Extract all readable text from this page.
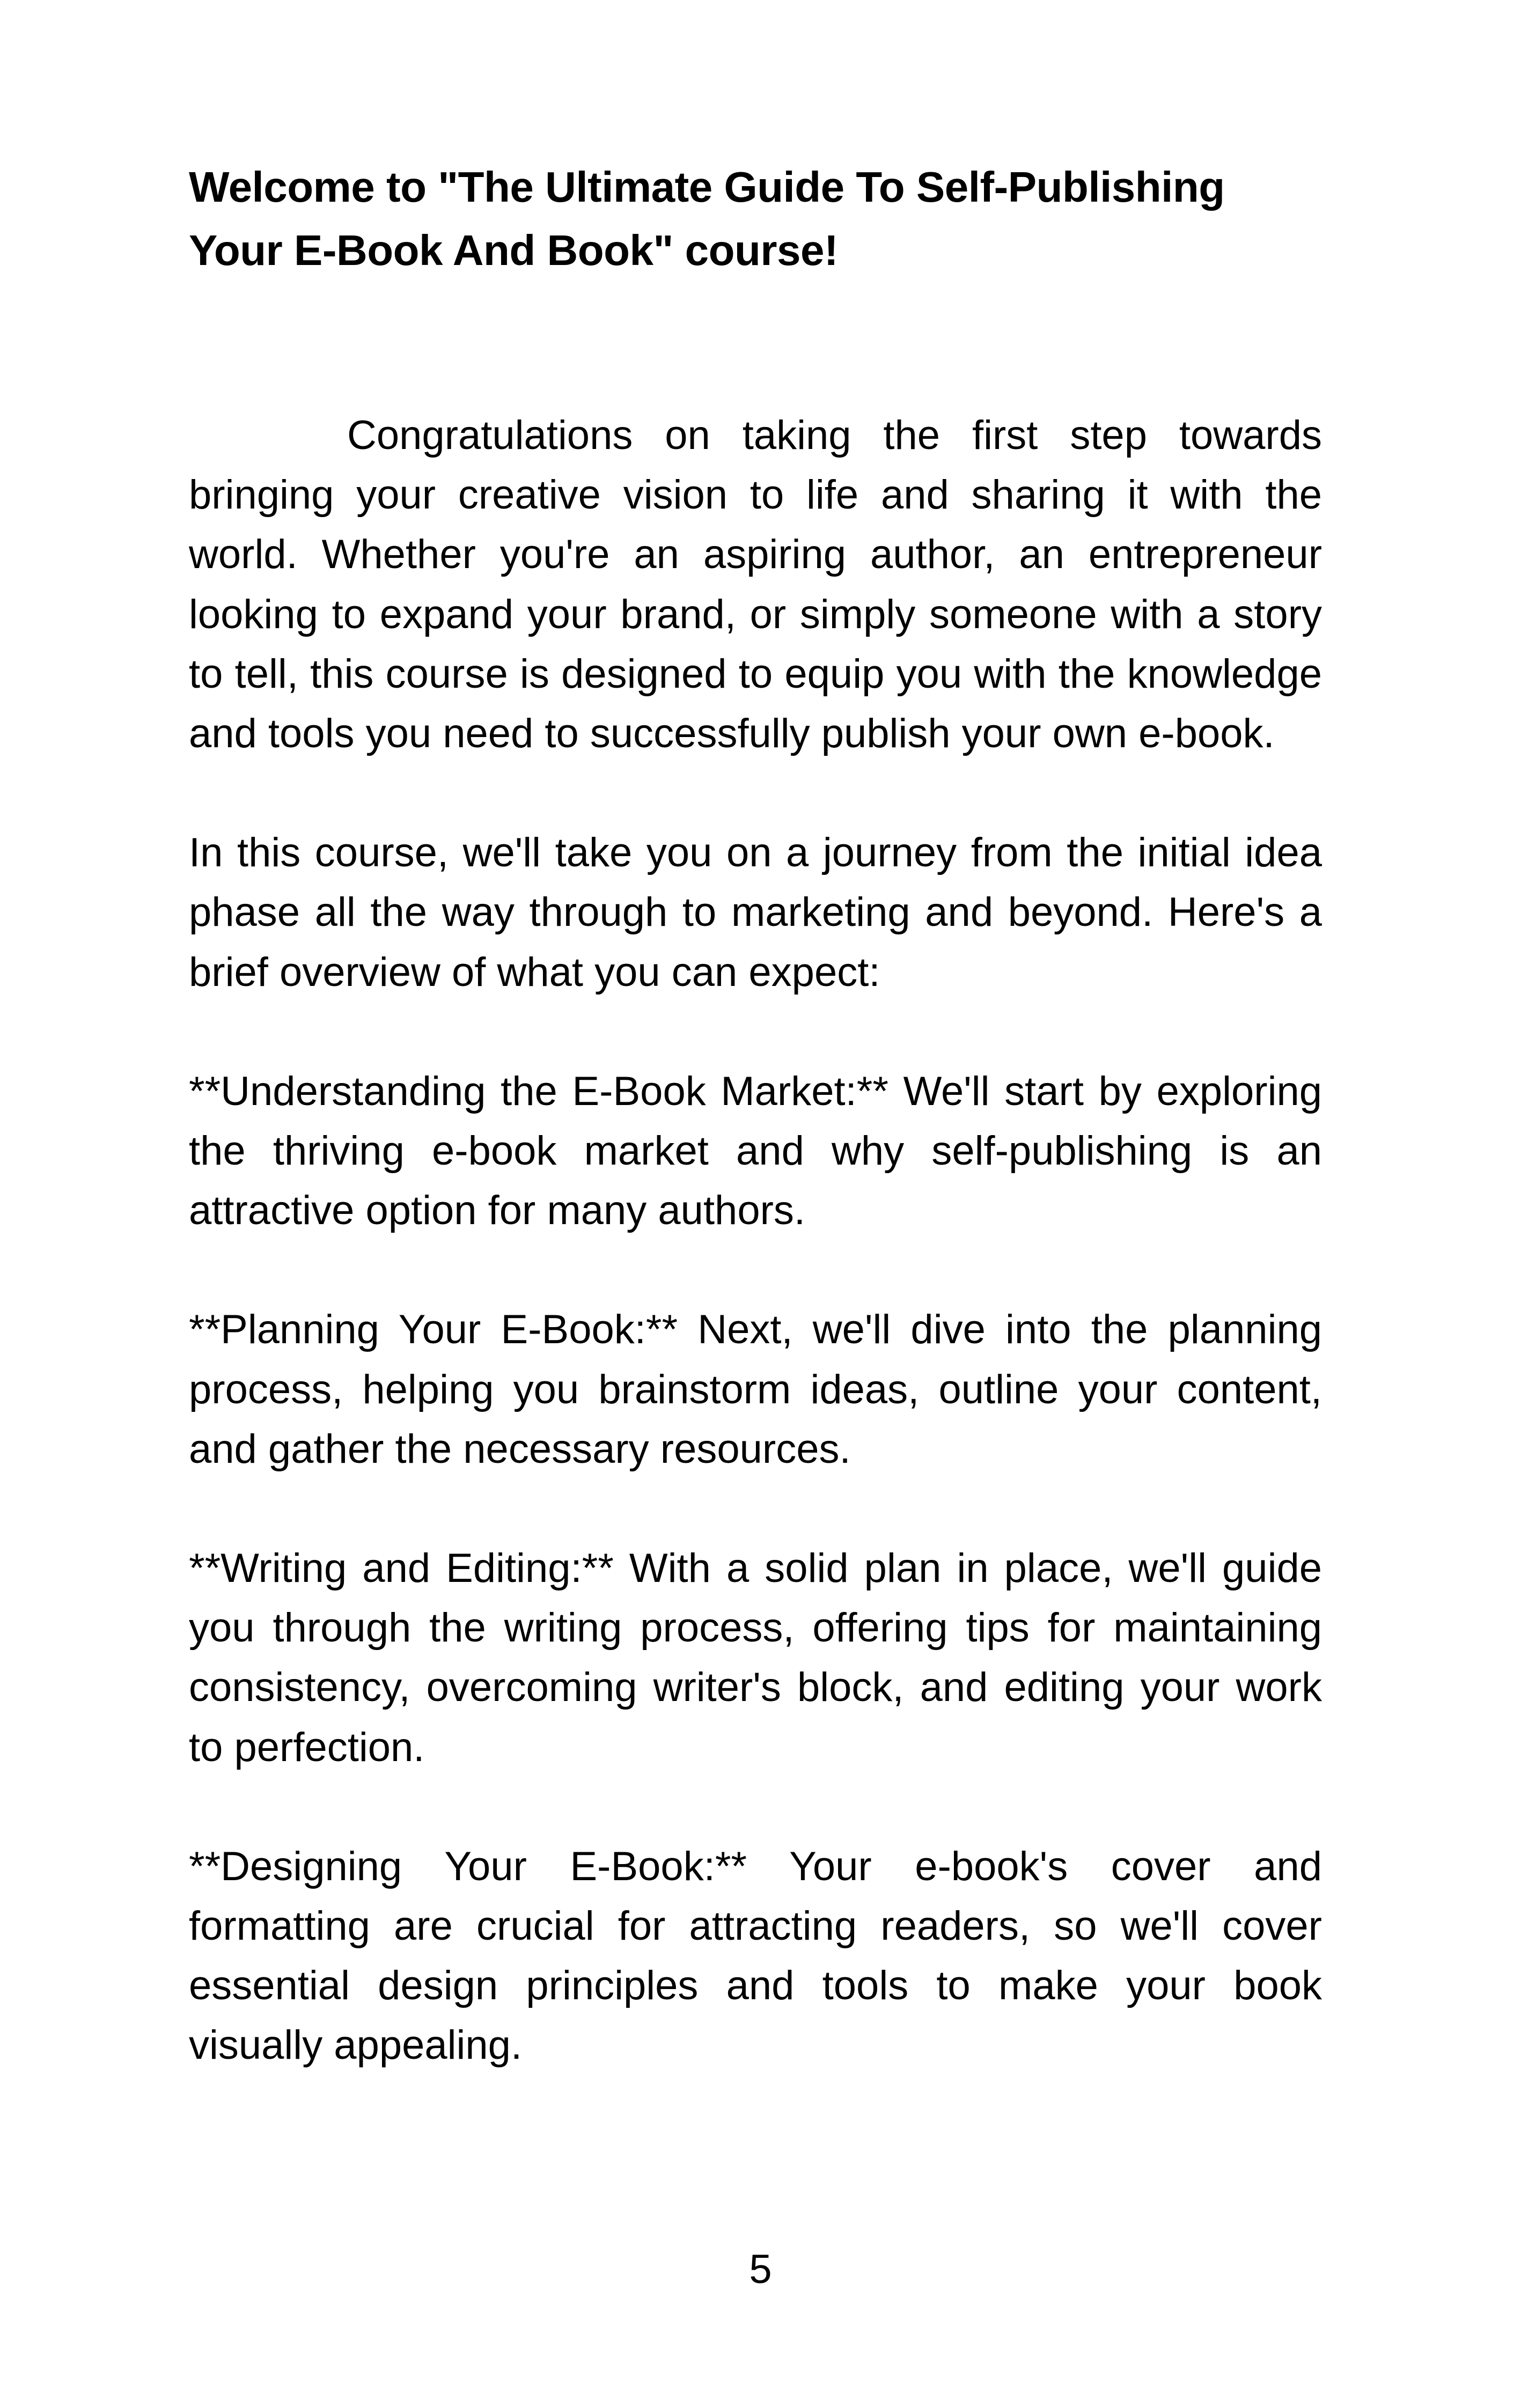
Welcome to "The Ultimate Guide To Self-Publishing Your E-Book And Book" course!

Congratulations on taking the first step towards bringing your creative vision to life and sharing it with the world. Whether you're an aspiring author, an entrepreneur looking to expand your brand, or simply someone with a story to tell, this course is designed to equip you with the knowledge and tools you need to successfully publish your own e-book.

In this course, we'll take you on a journey from the initial idea phase all the way through to marketing and beyond. Here's a brief overview of what you can expect:

**Understanding the E-Book Market:** We'll start by exploring the thriving e-book market and why self-publishing is an attractive option for many authors.

**Planning Your E-Book:** Next, we'll dive into the planning process, helping you brainstorm ideas, outline your content, and gather the necessary resources.

**Writing and Editing:** With a solid plan in place, we'll guide you through the writing process, offering tips for maintaining consistency, overcoming writer's block, and editing your work to perfection.

**Designing Your E-Book:** Your e-book's cover and formatting are crucial for attracting readers, so we'll cover essential design principles and tools to make your book visually appealing.

5
